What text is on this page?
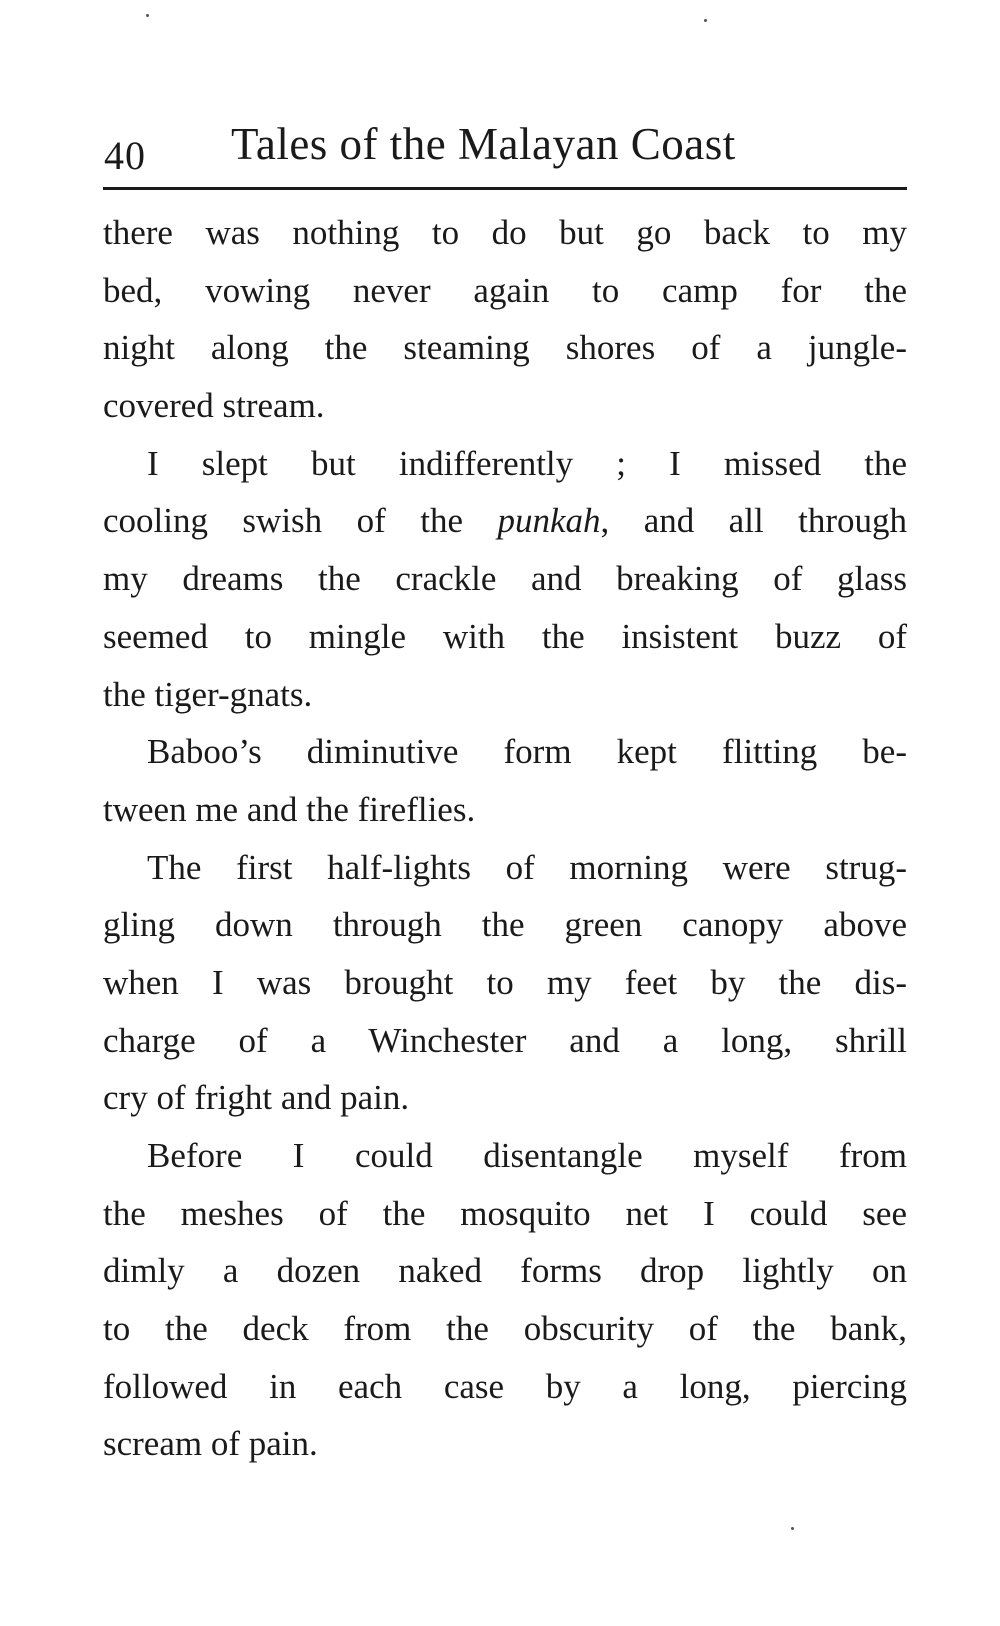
40 Tales of the Malayan Coast
there was nothing to do but go back to my
bed, vowing never again to camp for the
night along the steaming shores of a jungle-
covered stream.
I slept but indifferently ; I missed the
cooling swish of the punkah, and all through
my dreams the crackle and breaking of glass
seemed to mingle with the insistent buzz of
the tiger-gnats.
Baboo’s diminutive form kept flitting be-
tween me and the fireflies.
The first half-lights of morning were strug-
gling down through the green canopy above
when I was brought to my feet by the dis-
charge of a Winchester and a long, shrill
cry of fright and pain.
Before I could disentangle myself from
the meshes of the mosquito net I could see
dimly a dozen naked forms drop lightly on
to the deck from the obscurity of the bank,
followed in each case by a long, piercing
scream of pain.
